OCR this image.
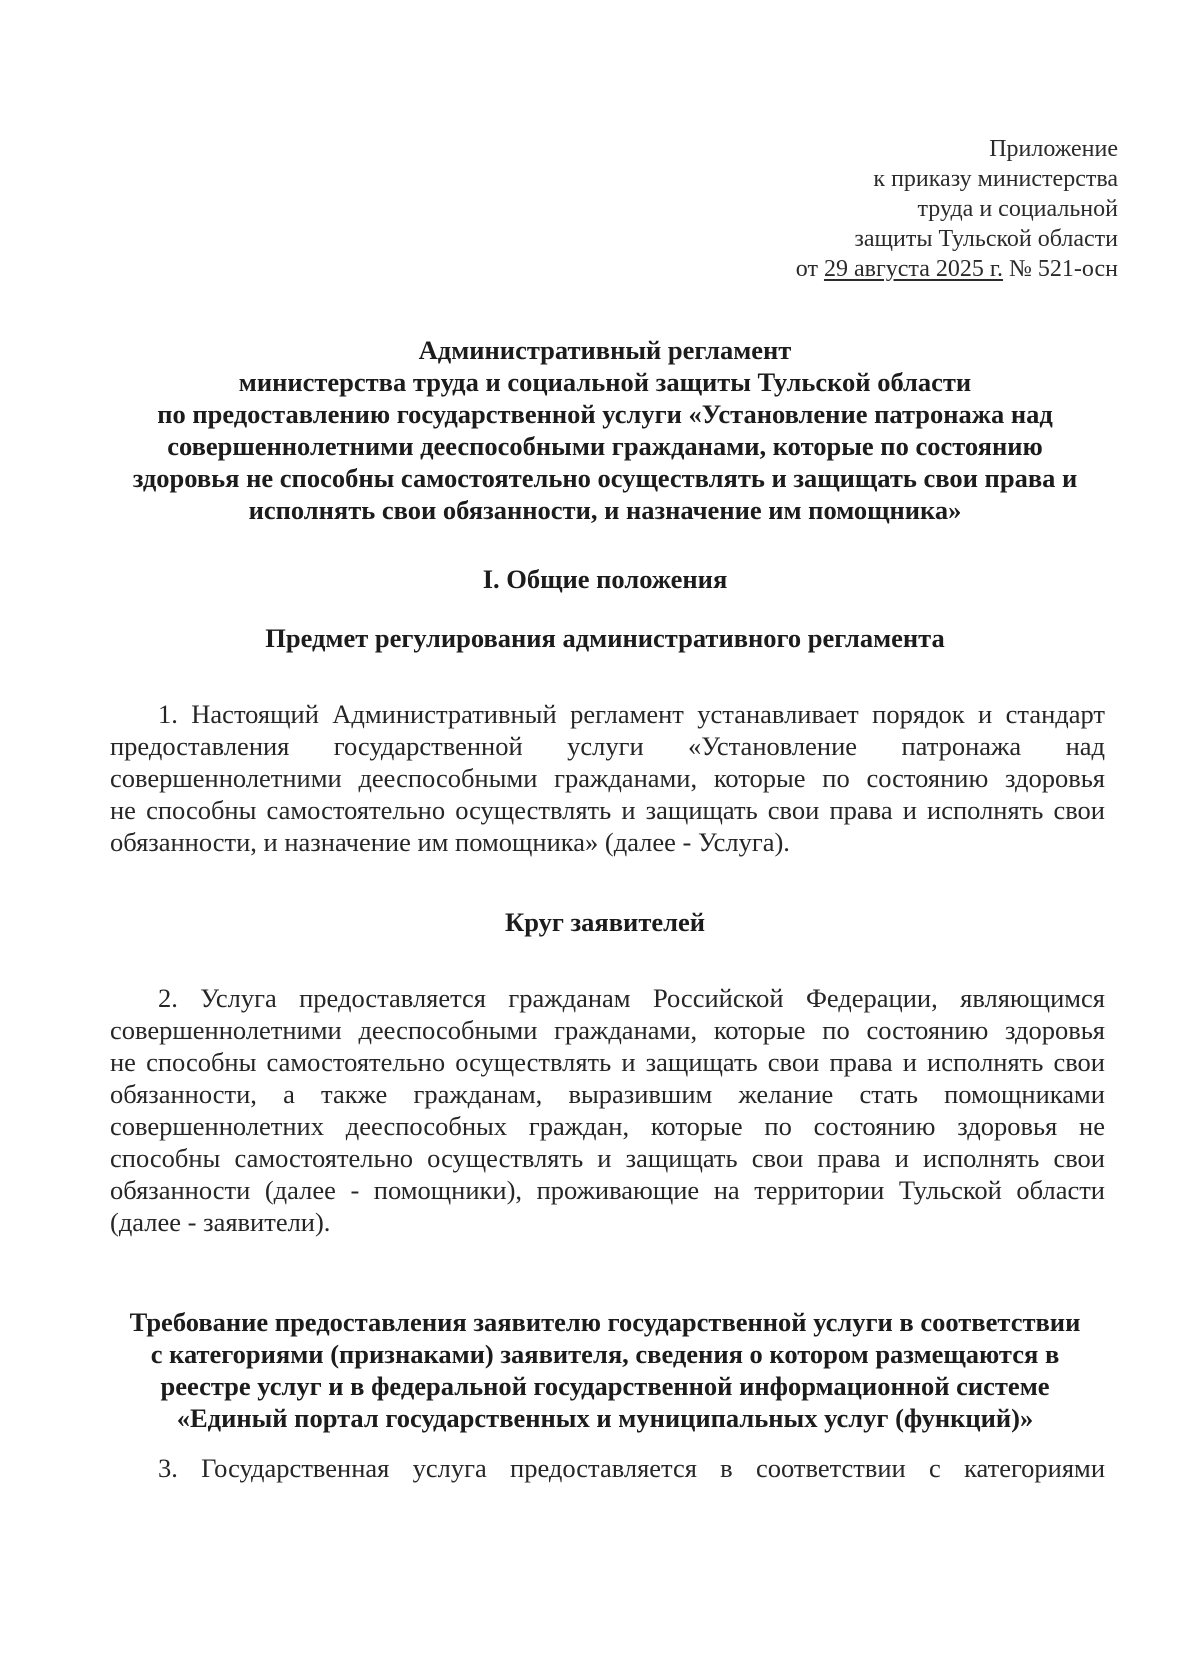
Приложение
к приказу министерства
труда и социальной
защиты Тульской области
от 29 августа 2025 г. № 521-осн
Административный регламент
министерства труда и социальной защиты Тульской области
по предоставлению государственной услуги «Установление патронажа над
совершеннолетними дееспособными гражданами, которые по состоянию
здоровья не способны самостоятельно осуществлять и защищать свои права и
исполнять свои обязанности, и назначение им помощника»
I. Общие положения
Предмет регулирования административного регламента
1. Настоящий Административный регламент устанавливает порядок и стандарт
предоставления государственной услуги «Установление патронажа над
совершеннолетними дееспособными гражданами, которые по состоянию здоровья
не способны самостоятельно осуществлять и защищать свои права и исполнять свои
обязанности, и назначение им помощника» (далее - Услуга).
Круг заявителей
2. Услуга предоставляется гражданам Российской Федерации, являющимся
совершеннолетними дееспособными гражданами, которые по состоянию здоровья
не способны самостоятельно осуществлять и защищать свои права и исполнять свои
обязанности, а также гражданам, выразившим желание стать помощниками
совершеннолетних дееспособных граждан, которые по состоянию здоровья не
способны самостоятельно осуществлять и защищать свои права и исполнять свои
обязанности (далее - помощники), проживающие на территории Тульской области
(далее - заявители).
Требование предоставления заявителю государственной услуги в соответствии
с категориями (признаками) заявителя, сведения о котором размещаются в
реестре услуг и в федеральной государственной информационной системе
«Единый портал государственных и муниципальных услуг (функций)»
3. Государственная услуга предоставляется в соответствии с категориями
